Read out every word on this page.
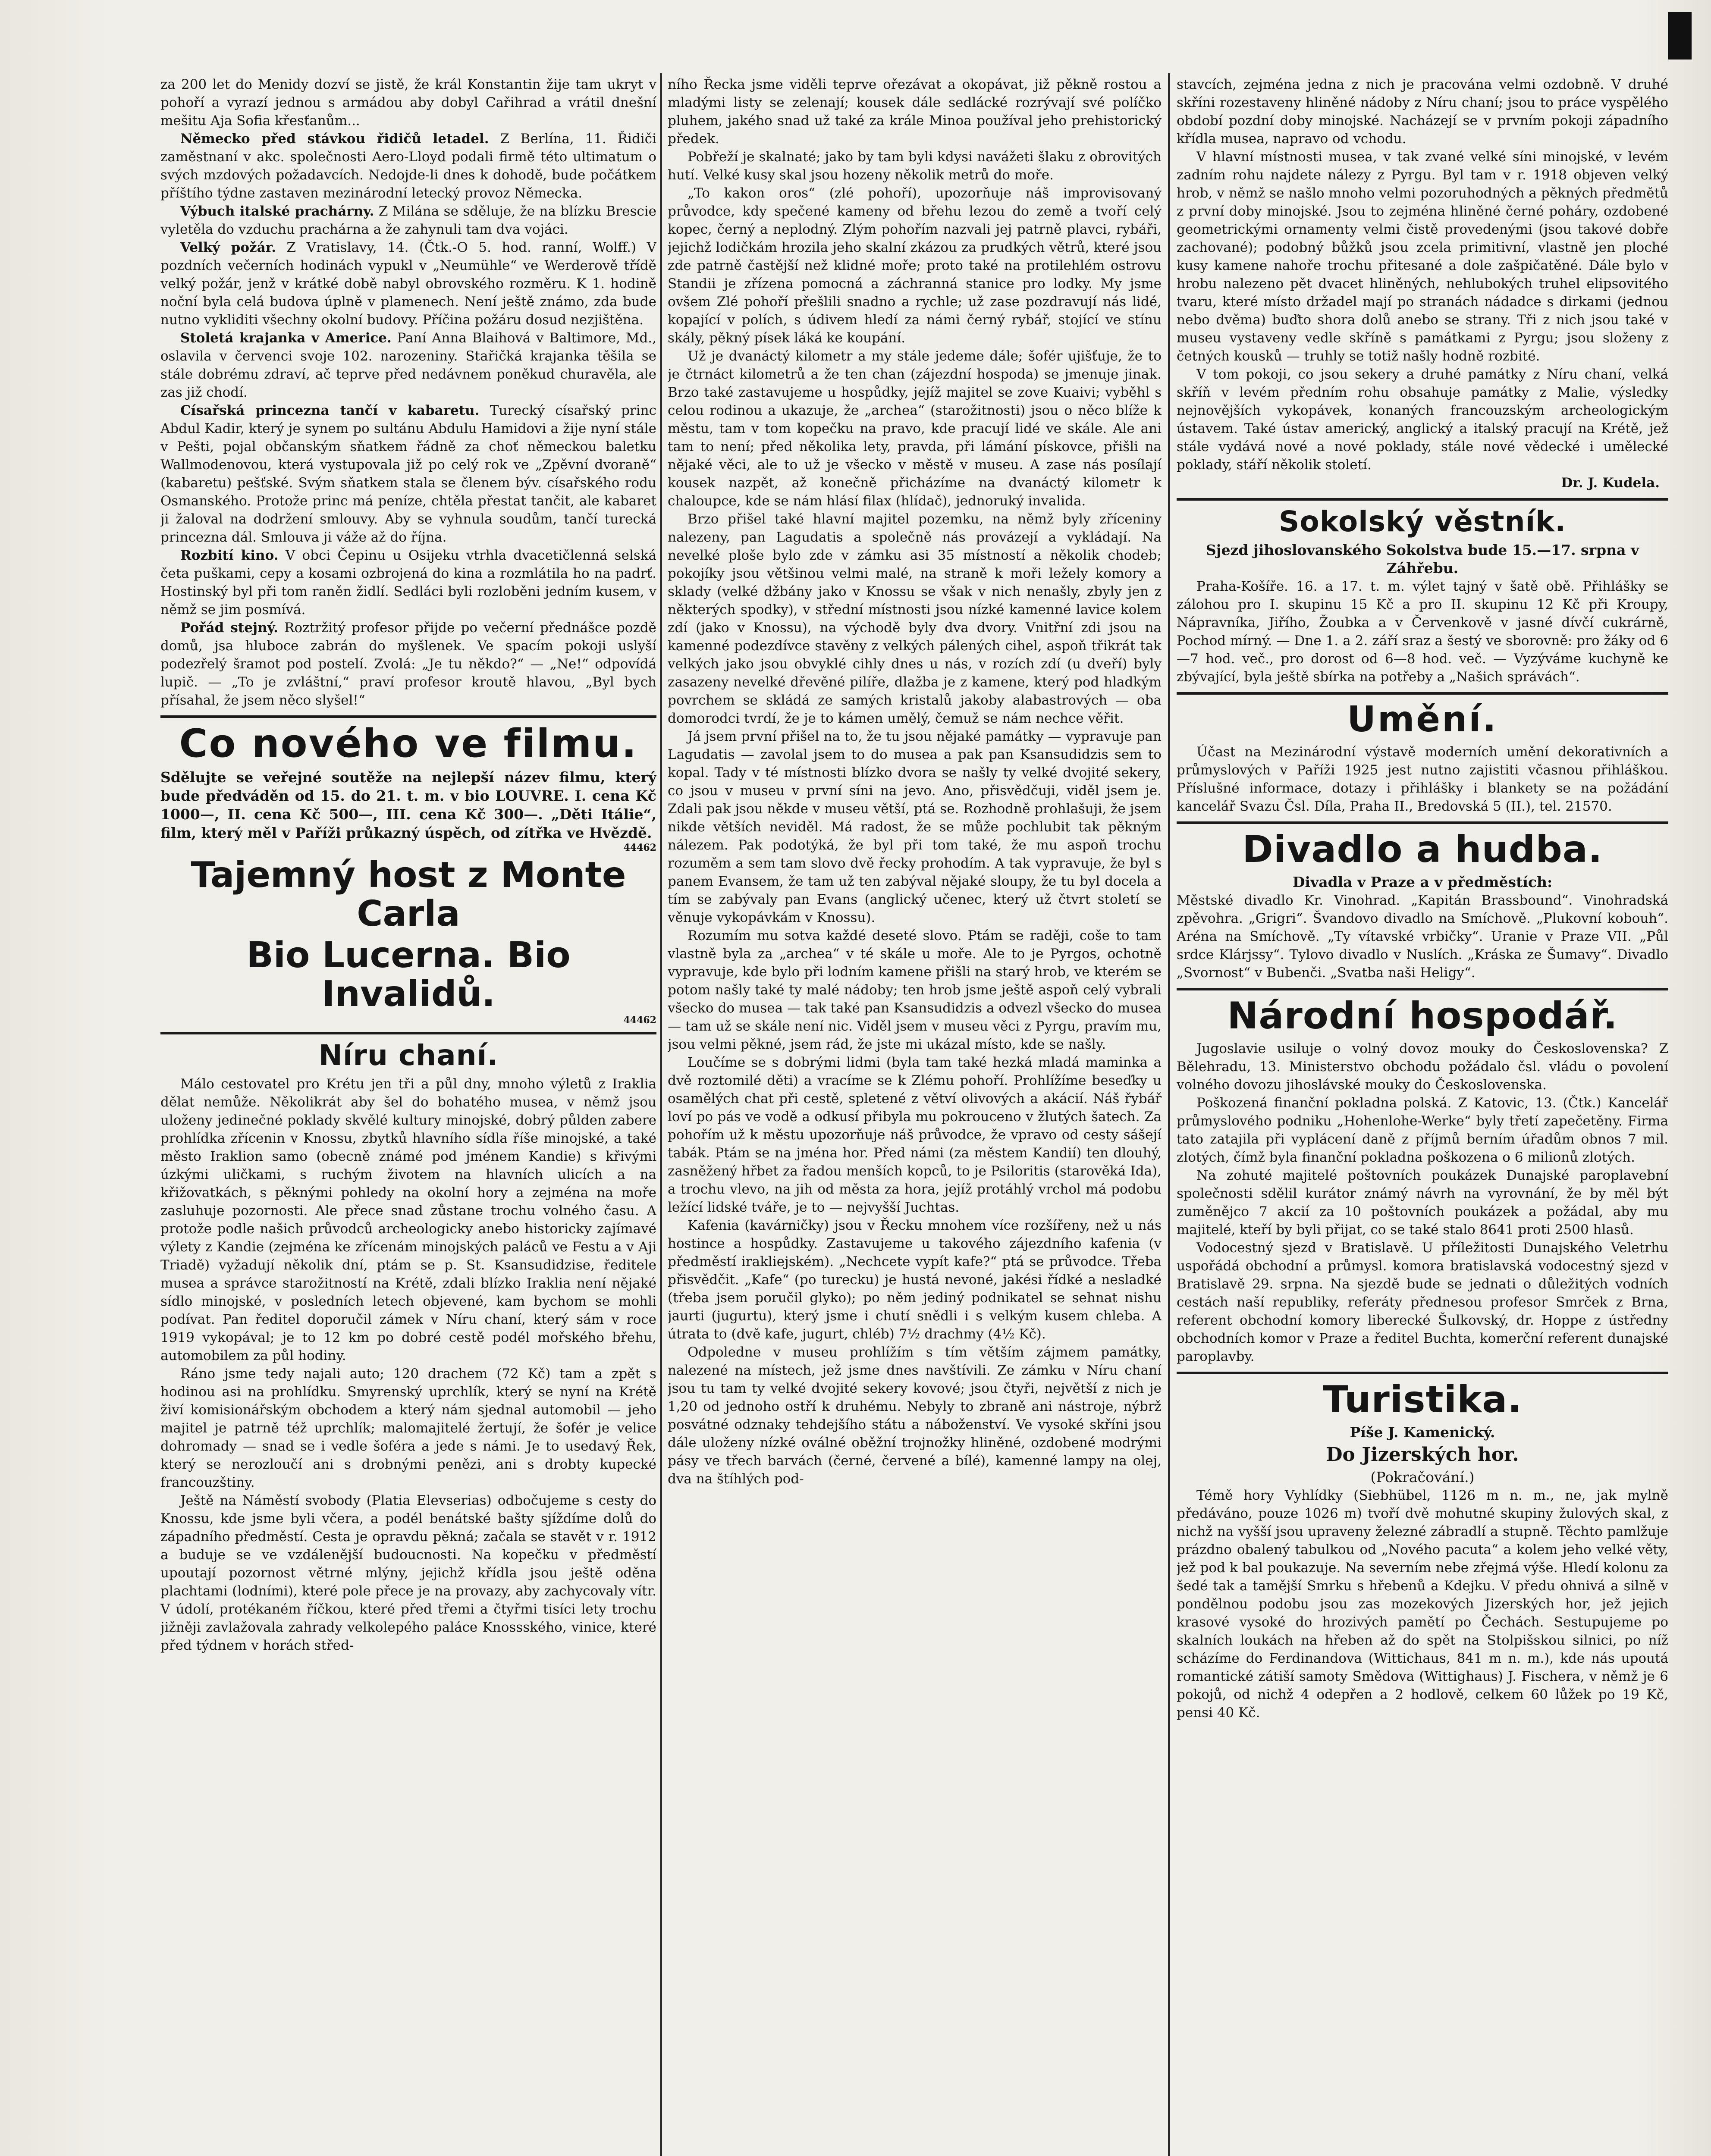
za 200 let do Menidy dozví se jistě, že král Konstantin žije tam ukryt v pohoří a vyrazí jednou s armádou aby dobyl Cařihrad a vrátil dnešní mešitu Aja Sofia křesťanům...

Německo před stávkou řidičů letadel. Z Berlína, 11. Řidiči zaměstnaní v akc. společnosti Aero-Lloyd podali firmě této ultimatum o svých mzdových požadavcích. Nedojde-li dnes k dohodě, bude počátkem příštího týdne zastaven mezinárodní letecký provoz Německa.

Výbuch italské prachárny. Z Milána se sděluje, že na blízku Brescie vyletěla do vzduchu prachárna a že zahynuli tam dva vojáci.

Velký požár. Z Vratislavy, 14. (Čtk.-O 5. hod. ranní, Wolff.) V pozdních večerních hodinách vypukl v „Neumühle“ ve Werderově třídě velký požár, jenž v krátké době nabyl obrovského rozměru. K 1. hodině noční byla celá budova úplně v plamenech. Není ještě známo, zda bude nutno vykliditi všechny okolní budovy. Příčina požáru dosud nezjištěna.

Stoletá krajanka v Americe. Paní Anna Blaihová v Baltimore, Md., oslavila v červenci svoje 102. narozeniny. Stařičká krajanka těšila se stále dobrému zdraví, ač teprve před nedávnem poněkud churavěla, ale zas již chodí.

Císařská princezna tančí v kabaretu. Turecký císařský princ Abdul Kadir, který je synem po sultánu Abdulu Hamidovi a žije nyní stále v Pešti, pojal občanským sňatkem řádně za choť německou baletku Wallmodenovou, která vystupovala již po celý rok ve „Zpěvní dvoraně“ (kabaretu) pešťské. Svým sňatkem stala se členem býv. císařského rodu Osmanského. Protože princ má peníze, chtěla přestat tančit, ale kabaret ji žaloval na dodržení smlouvy. Aby se vyhnula soudům, tančí turecká princezna dál. Smlouva ji váže až do října.

Rozbití kino. V obci Čepinu u Osijeku vtrhla dvacetičlenná selská četa puškami, cepy a kosami ozbrojená do kina a rozmlátila ho na padrť. Hostinský byl při tom raněn židlí. Sedláci byli rozloběni jedním kusem, v němž se jim posmívá.

Pořád stejný. Roztržitý profesor přijde po večerní přednášce pozdě domů, jsa hluboce zabrán do myšlenek. Ve spacím pokoji uslyší podezřelý šramot pod postelí. Zvolá: „Je tu někdo?“ — „Ne!“ odpovídá lupič. — „To je zvláštní,“ praví profesor kroutě hlavou, „Byl bych přísahal, že jsem něco slyšel!“

Co nového ve filmu.

Sdělujte se veřejné soutěže na nejlepší název filmu, který bude předváděn od 15. do 21. t. m. v bio LOUVRE. I. cena Kč 1000—, II. cena Kč 500—, III. cena Kč 300—. „Děti Itálie“, film, který měl v Paříži průkazný úspěch, od zítřka ve Hvězdě.

44462
Tajemný host z Monte Carla
Bio Lucerna. Bio Invalidů.
44462
Níru chaní.

Málo cestovatel pro Krétu jen tři a půl dny, mnoho výletů z Iraklia dělat nemůže. Několikrát aby šel do bohatého musea, v němž jsou uloženy jedinečné poklady skvělé kultury minojské, dobrý půlden zabere prohlídka zřícenin v Knossu, zbytků hlavního sídla říše minojské, a také město Iraklion samo (obecně známé pod jménem Kandie) s křivými úzkými uličkami, s ruchým životem na hlavních ulicích a na křižovatkách, s pěknými pohledy na okolní hory a zejména na moře zasluhuje pozornosti. Ale přece snad zůstane trochu volného času. A protože podle našich průvodců archeologicky anebo historicky zajímavé výlety z Kandie (zejména ke zřícenám minojských paláců ve Festu a v Aji Triadě) vyžadují několik dní, ptám se p. St. Ksansudidzise, ředitele musea a správce starožitností na Krétě, zdali blízko Iraklia není nějaké sídlo minojské, v posledních letech objevené, kam bychom se mohli podívat. Pan ředitel doporučil zámek v Níru chaní, který sám v roce 1919 vykopával; je to 12 km po dobré cestě podél mořského břehu, automobilem za půl hodiny.

Ráno jsme tedy najali auto; 120 drachem (72 Kč) tam a zpět s hodinou asi na prohlídku. Smyrenský uprchlík, který se nyní na Krétě živí komisionářským obchodem a který nám sjednal automobil — jeho majitel je patrně též uprchlík; malomajitelé žertují, že šofér je velice dohromady — snad se i vedle šoféra a jede s námi. Je to usedavý Řek, který se nerozloučí ani s drobnými penězi, ani s drobty kupecké francouzštiny.

Ještě na Náměstí svobody (Platia Elevserias) odbočujeme s cesty do Knossu, kde jsme byli včera, a podél benátské bašty sjíždíme dolů do západního předměstí. Cesta je opravdu pěkná; začala se stavět v r. 1912 a buduje se ve vzdálenější budoucnosti. Na kopečku v předměstí upoutají pozornost větrné mlýny, jejichž křídla jsou ještě oděna plachtami (lodními), které pole přece je na provazy, aby zachycovaly vítr. V údolí, protékaném říčkou, které před třemi a čtyřmi tisíci lety trochu jižněji zavlažovala zahrady velkolepého paláce Knossského, vinice, které před týdnem v horách střed-

ního Řecka jsme viděli teprve ořezávat a okopávat, již pěkně rostou a mladými listy se zelenají; kousek dále sedlácké rozrývají své políčko pluhem, jakého snad už také za krále Minoa používal jeho prehistorický předek.

Pobřeží je skalnaté; jako by tam byli kdysi navážeti šlaku z obrovitých hutí. Velké kusy skal jsou hozeny několik metrů do moře.

„To kakon oros“ (zlé pohoří), upozorňuje náš improvisovaný průvodce, kdy spečené kameny od břehu lezou do země a tvoří celý kopec, černý a neplodný. Zlým pohořím nazvali jej patrně plavci, rybáři, jejichž lodičkám hrozila jeho skalní zkázou za prudkých větrů, které jsou zde patrně častější než klidné moře; proto také na protilehlém ostrovu Standii je zřízena pomocná a záchranná stanice pro lodky. My jsme ovšem Zlé pohoří přešlili snadno a rychle; už zase pozdravují nás lidé, kopající v polích, s údivem hledí za námi černý rybář, stojící ve stínu skály, pěkný písek láká ke koupání.

Už je dvanáctý kilometr a my stále jedeme dále; šofér ujišťuje, že to je čtrnáct kilometrů a že ten chan (zájezdní hospoda) se jmenuje jinak. Brzo také zastavujeme u hospůdky, jejíž majitel se zove Kuaivi; vyběhl s celou rodinou a ukazuje, že „archea“ (starožitnosti) jsou o něco blíže k městu, tam v tom kopečku na pravo, kde pracují lidé ve skále. Ale ani tam to není; před několika lety, pravda, při lámání pískovce, přišli na nějaké věci, ale to už je všecko v městě v museu. A zase nás posílají kousek nazpět, až konečně přicházíme na dvanáctý kilometr k chaloupce, kde se nám hlásí filax (hlídač), jednoruký invalida.

Brzo přišel také hlavní majitel pozemku, na němž byly zříceniny nalezeny, pan Lagudatis a společně nás provázejí a vykládají. Na nevelké ploše bylo zde v zámku asi 35 místností a několik chodeb; pokojíky jsou většinou velmi malé, na straně k moři ležely komory a sklady (velké džbány jako v Knossu se však v nich nenašly, zbyly jen z některých spodky), v střední místnosti jsou nízké kamenné lavice kolem zdí (jako v Knossu), na východě byly dva dvory. Vnitřní zdi jsou na kamenné podezdívce stavěny z velkých pálených cihel, aspoň třikrát tak velkých jako jsou obvyklé cihly dnes u nás, v rozích zdí (u dveří) byly zasazeny nevelké dřevěné pilíře, dlažba je z kamene, který pod hladkým povrchem se skládá ze samých kristalů jakoby alabastrových — oba domorodci tvrdí, že je to kámen umělý, čemuž se nám nechce věřit.

Já jsem první přišel na to, že tu jsou nějaké památky — vypravuje pan Lagudatis — zavolal jsem to do musea a pak pan Ksansudidzis sem to kopal. Tady v té místnosti blízko dvora se našly ty velké dvojité sekery, co jsou v museu v první síni na jevo. Ano, přisvědčuji, viděl jsem je. Zdali pak jsou někde v museu větší, ptá se. Rozhodně prohlašuji, že jsem nikde větších neviděl. Má radost, že se může pochlubit tak pěkným nálezem. Pak podotýká, že byl při tom také, že mu aspoň trochu rozuměm a sem tam slovo dvě řecky prohodím. A tak vypravuje, že byl s panem Evansem, že tam už ten zabýval nějaké sloupy, že tu byl docela a tím se zabývaly pan Evans (anglický učenec, který už čtvrt století se věnuje vykopávkám v Knossu).

Rozumím mu sotva každé deseté slovo. Ptám se raději, coše to tam vlastně byla za „archea“ v té skále u moře. Ale to je Pyrgos, ochotně vypravuje, kde bylo při lodním kamene přišli na starý hrob, ve kterém se potom našly také ty malé nádoby; ten hrob jsme ještě aspoň celý vybrali všecko do musea — tak také pan Ksansudidzis a odvezl všecko do musea — tam už se skále není nic. Viděl jsem v museu věci z Pyrgu, pravím mu, jsou velmi pěkné, jsem rád, že jste mi ukázal místo, kde se našly.

Loučíme se s dobrými lidmi (byla tam také hezká mladá maminka a dvě roztomilé děti) a vracíme se k Zlému pohoří. Prohlížíme beseďky u osamělých chat při cestě, spletené z větví olivových a akácií. Náš řybář loví po pás ve vodě a odkusí přibyla mu pokrouceno v žlutých šatech. Za pohořím už k městu upozorňuje náš průvodce, že vpravo od cesty sášejí tabák. Ptám se na jména hor. Před námi (za městem Kandií) ten dlouhý, zasněžený hřbet za řadou menších kopců, to je Psiloritis (starověká Ida), a trochu vlevo, na jih od města za hora, jejíž protáhlý vrchol má podobu ležící lidské tváře, je to — nejvyšší Juchtas.

Kafenia (kavárničky) jsou v Řecku mnohem více rozšířeny, než u nás hostince a hospůdky. Zastavujeme u takového zájezdního kafenia (v předměstí irakliejském). „Nechcete vypít kafe?“ ptá se průvodce. Třeba přisvědčit. „Kafe“ (po turecku) je hustá nevoné, jakési řídké a nesladké (třeba jsem poručil glyko); po něm jediný podnikatel se sehnat nishu jaurti (jugurtu), který jsme i chutí snědli i s velkým kusem chleba. A útrata to (dvě kafe, jugurt, chléb) 7½ drachmy (4½ Kč).

Odpoledne v museu prohlížím s tím větším zájmem památky, nalezené na místech, jež jsme dnes navštívili. Ze zámku v Níru chaní jsou tu tam ty velké dvojité sekery kovové; jsou čtyři, největší z nich je 1,20 od jednoho ostří k druhému. Nebyly to zbraně ani nástroje, nýbrž posvátné odznaky tehdejšího státu a náboženství. Ve vysoké skříni jsou dále uloženy nízké oválné oběžní trojnožky hliněné, ozdobené modrými pásy ve třech barvách (černé, červené a bílé), kamenné lampy na olej, dva na štíhlých pod-

stavcích, zejména jedna z nich je pracována velmi ozdobně. V druhé skříni rozestaveny hliněné nádoby z Níru chaní; jsou to práce vyspělého období pozdní doby minojské. Nacházejí se v prvním pokoji západního křídla musea, napravo od vchodu.

V hlavní místnosti musea, v tak zvané velké síni minojské, v levém zadním rohu najdete nálezy z Pyrgu. Byl tam v r. 1918 objeven velký hrob, v němž se našlo mnoho velmi pozoruhodných a pěkných předmětů z první doby minojské. Jsou to zejména hliněné černé poháry, ozdobené geometrickými ornamenty velmi čistě provedenými (jsou takové dobře zachované); podobný bůžků jsou zcela primitivní, vlastně jen ploché kusy kamene nahoře trochu přitesané a dole zašpičatěné. Dále bylo v hrobu nalezeno pět dvacet hliněných, nehlubokých truhel elipsovitého tvaru, které místo držadel mají po stranách nádadce s dirkami (jednou nebo dvěma) buďto shora dolů anebo se strany. Tři z nich jsou také v museu vystaveny vedle skříně s památkami z Pyrgu; jsou složeny z četných kousků — truhly se totiž našly hodně rozbité.

V tom pokoji, co jsou sekery a druhé památky z Níru chaní, velká skříň v levém předním rohu obsahuje památky z Malie, výsledky nejnovějších vykopávek, konaných francouzským archeologickým ústavem. Také ústav americký, anglický a italský pracují na Krétě, jež stále vydává nové a nové poklady, stále nové vědecké i umělecké poklady, stáří několik století.

Dr. J. Kudela.

Sokolský věstník.

Sjezd jihoslovanského Sokolstva bude 15.—17. srpna v Záhřebu.

Praha-Košíře. 16. a 17. t. m. výlet tajný v šatě obě. Přihlášky se zálohou pro I. skupinu 15 Kč a pro II. skupinu 12 Kč při Kroupy, Nápravníka, Jiřího, Žoubka a v Červenkově v jasné dívčí cukrárně, Pochod mírný. — Dne 1. a 2. září sraz a šestý ve sborovně: pro žáky od 6—7 hod. več., pro dorost od 6—8 hod. več. — Vyzýváme kuchyně ke zbývající, byla ještě sbírka na potřeby a „Našich správách“.

Umění.

Účast na Mezinárodní výstavě moderních umění dekorativních a průmyslových v Paříži 1925 jest nutno zajistiti včasnou přihláškou. Příslušné informace, dotazy i přihlášky i blankety se na požádání kancelář Svazu Čsl. Díla, Praha II., Bredovská 5 (II.), tel. 21570.

Divadlo a hudba.

Divadla v Praze a v předměstích:

Městské divadlo Kr. Vinohrad. „Kapitán Brassbound“. Vinohradská zpěvohra. „Grigri“. Švandovo divadlo na Smíchově. „Plukovní kobouh“. Aréna na Smíchově. „Ty vítavské vrbičky“. Uranie v Praze VII. „Půl srdce Klárjssy“. Tylovo divadlo v Nuslích. „Kráska ze Šumavy“. Divadlo „Svornost“ v Bubenči. „Svatba naši Heligy“.

Národní hospodář.

Jugoslavie usiluje o volný dovoz mouky do Československa? Z Bělehradu, 13. Ministerstvo obchodu požádalo čsl. vládu o povolení volného dovozu jihoslávské mouky do Československa.

Poškozená finanční pokladna polská. Z Katovic, 13. (Čtk.) Kancelář průmyslového podniku „Hohenlohe-Werke“ byly třetí zapečetěny. Firma tato zatajila při vyplácení daně z příjmů berním úřadům obnos 7 mil. zlotých, čímž byla finanční pokladna poškozena o 6 milionů zlotých.

Na zohuté majitelé poštovních poukázek Dunajské paroplavební společnosti sdělil kurátor známý návrh na vyrovnání, že by měl být zuměnějco 7 akcií za 10 poštovních poukázek a požádal, aby mu majitelé, kteří by byli přijat, co se také stalo 8641 proti 2500 hlasů.

Vodocestný sjezd v Bratislavě. U příležitosti Dunajského Veletrhu uspořádá obchodní a průmysl. komora bratislavská vodocestný sjezd v Bratislavě 29. srpna. Na sjezdě bude se jednati o důležitých vodních cestách naší republiky, referáty přednesou profesor Smrček z Brna, referent obchodní komory liberecké Šulkovský, dr. Hoppe z ústředny obchodních komor v Praze a ředitel Buchta, komerční referent dunajské paroplavby.

Turistika.

Píše J. Kamenický.

Do Jizerských hor.

(Pokračování.)

Témě hory Vyhlídky (Siebhübel, 1126 m n. m., ne, jak mylně předáváno, pouze 1026 m) tvoří dvě mohutné skupiny žulových skal, z nichž na vyšší jsou upraveny železné zábradlí a stupně. Těchto pamlžuje prázdno obalený tabulkou od „Nového pacuta“ a kolem jeho velké věty, jež pod k bal poukazuje. Na severním nebe zřejmá výše. Hledí kolonu za šedé tak a tamější Smrku s hřebenů a Kdejku. V předu ohnivá a silně v pondělnou podobu jsou zas mozekových Jizerských hor, jež jejich krasové vysoké do hrozivých pamětí po Čechách. Sestupujeme po skalních loukách na hřeben až do spět na Stolpišskou silnici, po níž scházíme do Ferdinandova (Wittichaus, 841 m n. m.), kde nás upoutá romantické zátiší samoty Smědova (Wittighaus) J. Fischera, v němž je 6 pokojů, od nichž 4 odepřen a 2 hodlově, celkem 60 lůžek po 19 Kč, pensi 40 Kč.
